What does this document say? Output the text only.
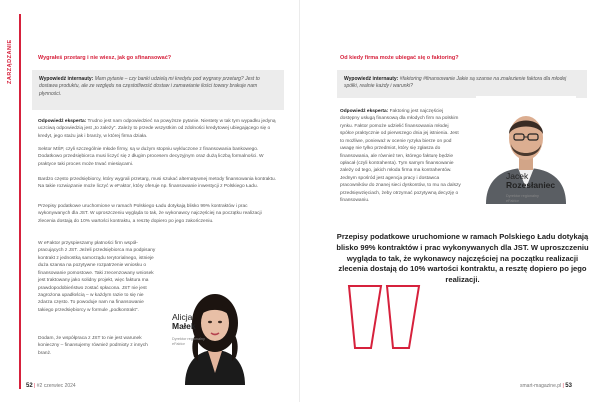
ZARZĄDZANIE	Wygrałeś przetarg i nie wiesz, jak go sfinansować?
Wypowiedź internauty: Mam pytanie – czy banki udzielą mi kredytu pod wygrany przetarg? Jest to dostawa produktu, ale ze względu na częstotliwość dostaw i zamawianie ilości towary brakuje nam płynności.

Odpowiedź eksperta: Trudno jest nam odpowiedzieć na powyższe pytanie. Niestety w tak tym wypadku jedyną uczciwą odpowiedzią jest „to zależy”. Zależy to przede wszystkim od zdolności kredytowej ubiegającego się o kredyt, jego stażu jak i branży, w której firma działa.

Sektor MŚP, czyli szczególnie młode firmy, są w dużym stopniu wykluczone z finansowania bankowego. Dodatkowo przedsiębiorca musi liczyć się z długim procesem decyzyjnym oraz dużą liczbą formalności. W praktyce taki proces może trwać miesiącami.

Bardzo często przedsiębiorcy, który wygrali przetarg, musi szukać alternatywnej metody finansowania kontraktu. Na takie rozwiązanie może liczyć w eFaktor, który oferuje np. finansowanie inwestycji z Polskiego Ładu.

Przepisy podatkowe uruchomione w ramach Polskiego Ładu dotykają blisko 99% kontraktów i prac wykonywanych dla JST. W uproszczeniu wygląda to tak, że wykonawcy najczęściej na początku realizacji zlecenia dostają do 10% wartości kontraktu, a resztę dopiero po jego zakończeniu.

W eFaktor przyspieszamy płatności firm współpracujących z JST. Jeżeli przedsiębiorca ma podpisany kontrakt z jednostką samorządu terytorialnego, istnieje duża szansa na pozytywne rozpatrzenie wniosku o finansowanie pomostowe. Taki zrecenzowany wniosek jest traktowany jako solidny projekt, więc faktura ma prawdopodobieństwo zostać spłacona. JST nie jest zagrożona upadłością – w każdym razie to się nie zdarza często. To powoduje nam na finansowanie takiego przedsiębiorcy w formule „podkontrakt”.

Dodam, że współpraca z JST to nie jest warunek konieczny – finansujemy również podmioty z innych branż.

Alicja
Małek
Dyrektor regionalny
eFaktor
52 | #2 czerwiec 2024
Od kiedy firma może ubiegać się o faktoring?
Wypowiedź internauty: #faktoring #finansowanie Jakie są szanse na znalezienie faktora dla młodej spółki, realnie każdy i warunki?

Odpowiedź eksperta: Faktoring jest najczęściej dostępny usługą finansową dla młodych firm na polskim rynku. Faktor pomoże udzielić finansowania młodej spółce praktycznie od pierwszego dnia jej istnienia. Jest to możliwe, ponieważ w ocenie ryzyka bierze on pod uwagę nie tylko przedmiot, który się zgłasza do finansowania, ale również ten, którego fakturę będzie opłacał (czyli kontrahenta). Tym samym finansowanie zależy od tego, jakich młoda firma ma kontrahentów. Jednym spośród jest agencja pracy i dostawca pracowników do znanej sieci dyskontów, to mu na dalszy przedsięwzięciach, żeby otrzymać pozytywną decyzję o finansowaniu.

Jacek
Rozesłaniec
Dyrektor regionalny
eFaktor

Przepisy podatkowe uruchomione w ramach Polskiego Ładu dotykają blisko 99% kontraktów i prac wykonywanych dla JST. W uproszczeniu wygląda to tak, że wykonawcy najczęściej na początku realizacji zlecenia dostają do 10% wartości kontraktu, a resztę dopiero po jego realizacji.

smart-magazine.pl | 53
